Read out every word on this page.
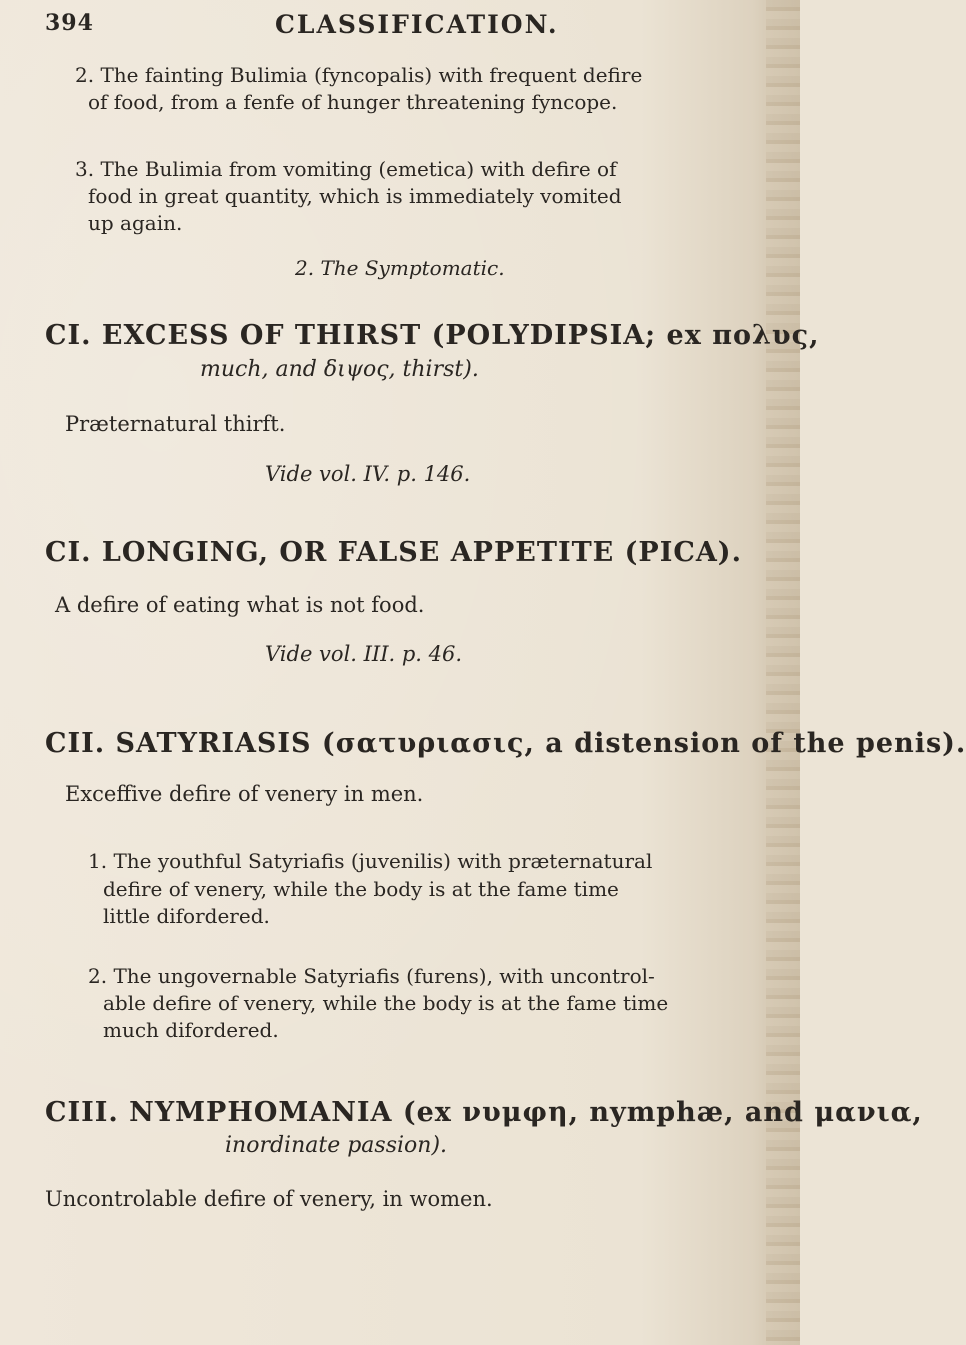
394	CLASSIFICATION.
2. The fainting Bulimia (fyncopalis) with frequent defire
of food, from a fenfe of hunger threatening fyncope.
3. The Bulimia from vomiting (emetica) with defire of
food in great quantity, which is immediately vomited
up again.
2. The Symptomatic.
CI. EXCESS OF THIRST (POLYDIPSIA; ex πολυς,
much, and διψος, thirst).
Præternatural thirft.
Vide vol. IV. p. 146.
CI. LONGING, OR FALSE APPETITE (PICA).
A defire of eating what is not food.
Vide vol. III. p. 46.
CII. SATYRIASIS (σατυριασις, a distension of the penis).
Exceffive defire of venery in men.
1. The youthful Satyriafis (juvenilis) with præternatural
defire of venery, while the body is at the fame time
little difordered.
2. The ungovernable Satyriafis (furens), with uncontrol-
able defire of venery, while the body is at the fame time
much difordered.
CIII. NYMPHOMANIA (ex νυμφη, nymphæ, and μανια,
inordinate passion).
Uncontrolable defire of venery, in women.
